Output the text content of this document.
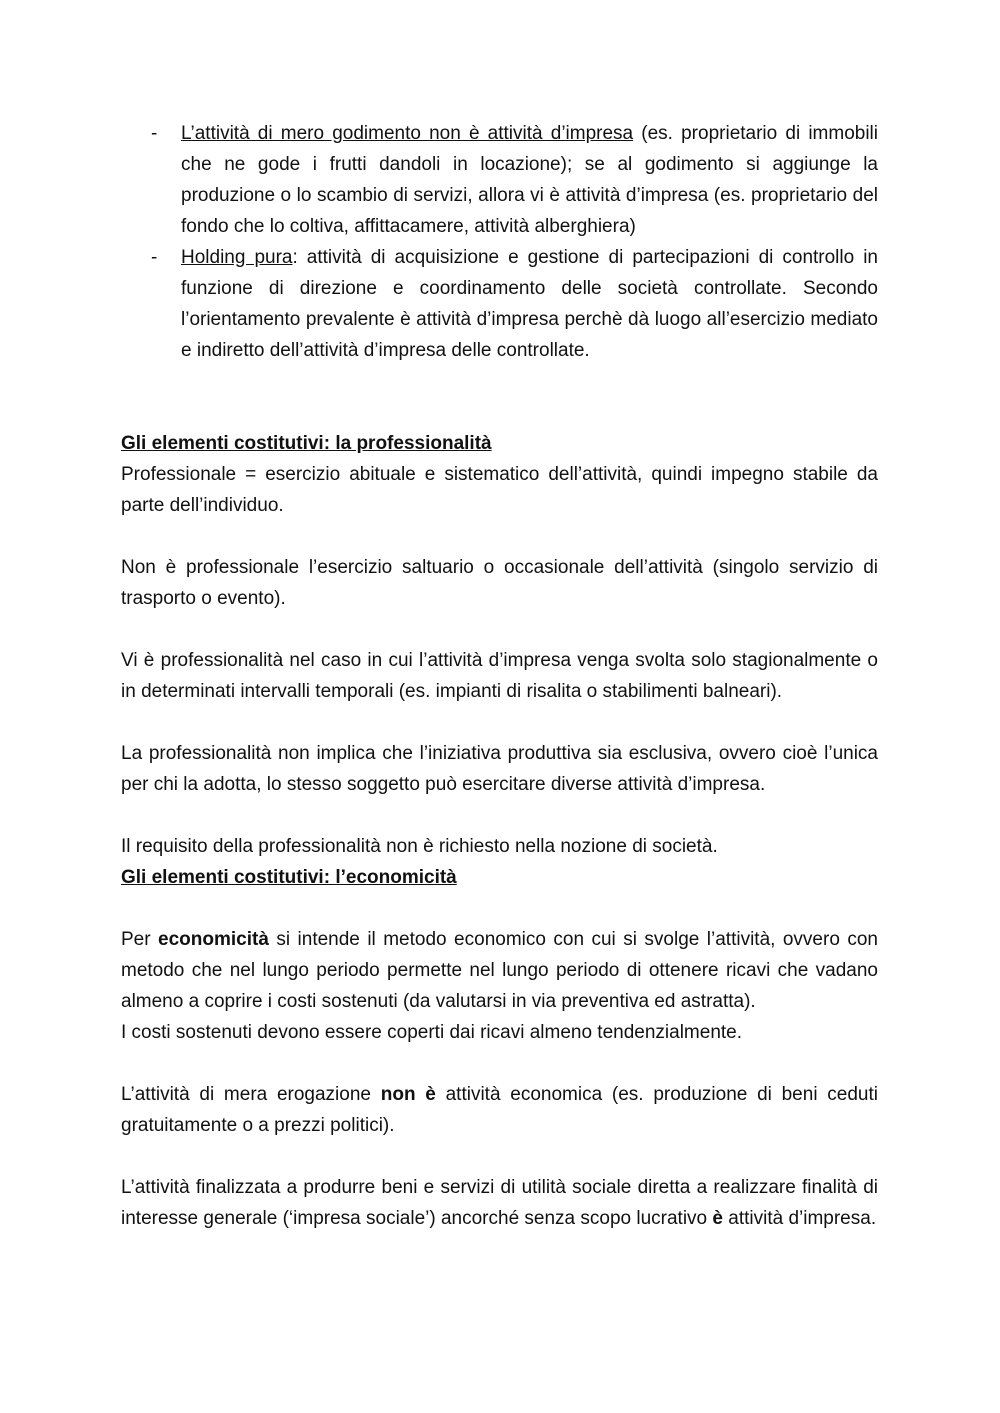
- L’attività di mero godimento non è attività d’impresa (es. proprietario di immobili che ne gode i frutti dandoli in locazione); se al godimento si aggiunge la produzione o lo scambio di servizi, allora vi è attività d’impresa (es. proprietario del fondo che lo coltiva, affittacamere, attività alberghiera)
- Holding pura: attività di acquisizione e gestione di partecipazioni di controllo in funzione di direzione e coordinamento delle società controllate. Secondo l’orientamento prevalente è attività d’impresa perchè dà luogo all’esercizio mediato e indiretto dell’attività d’impresa delle controllate.
Gli elementi costitutivi: la professionalità

Professionale = esercizio abituale e sistematico dell’attività, quindi impegno stabile da parte dell’individuo.

Non è professionale l’esercizio saltuario o occasionale dell’attività (singolo servizio di trasporto o evento).

Vi è professionalità nel caso in cui l’attività d’impresa venga svolta solo stagionalmente o in determinati intervalli temporali (es. impianti di risalita o stabilimenti balneari).

La professionalità non implica che l’iniziativa produttiva sia esclusiva, ovvero cioè l’unica per chi la adotta, lo stesso soggetto può esercitare diverse attività d’impresa.

Il requisito della professionalità non è richiesto nella nozione di società.

Gli elementi costitutivi: l’economicità

Per economicità si intende il metodo economico con cui si svolge l’attività, ovvero con metodo che nel lungo periodo permette nel lungo periodo di ottenere ricavi che vadano almeno a coprire i costi sostenuti (da valutarsi in via preventiva ed astratta).

I costi sostenuti devono essere coperti dai ricavi almeno tendenzialmente.

L’attività di mera erogazione non è attività economica (es. produzione di beni ceduti gratuitamente o a prezzi politici).

L’attività finalizzata a produrre beni e servizi di utilità sociale diretta a realizzare finalità di interesse generale (‘impresa sociale’) ancorché senza scopo lucrativo è attività d’impresa.
